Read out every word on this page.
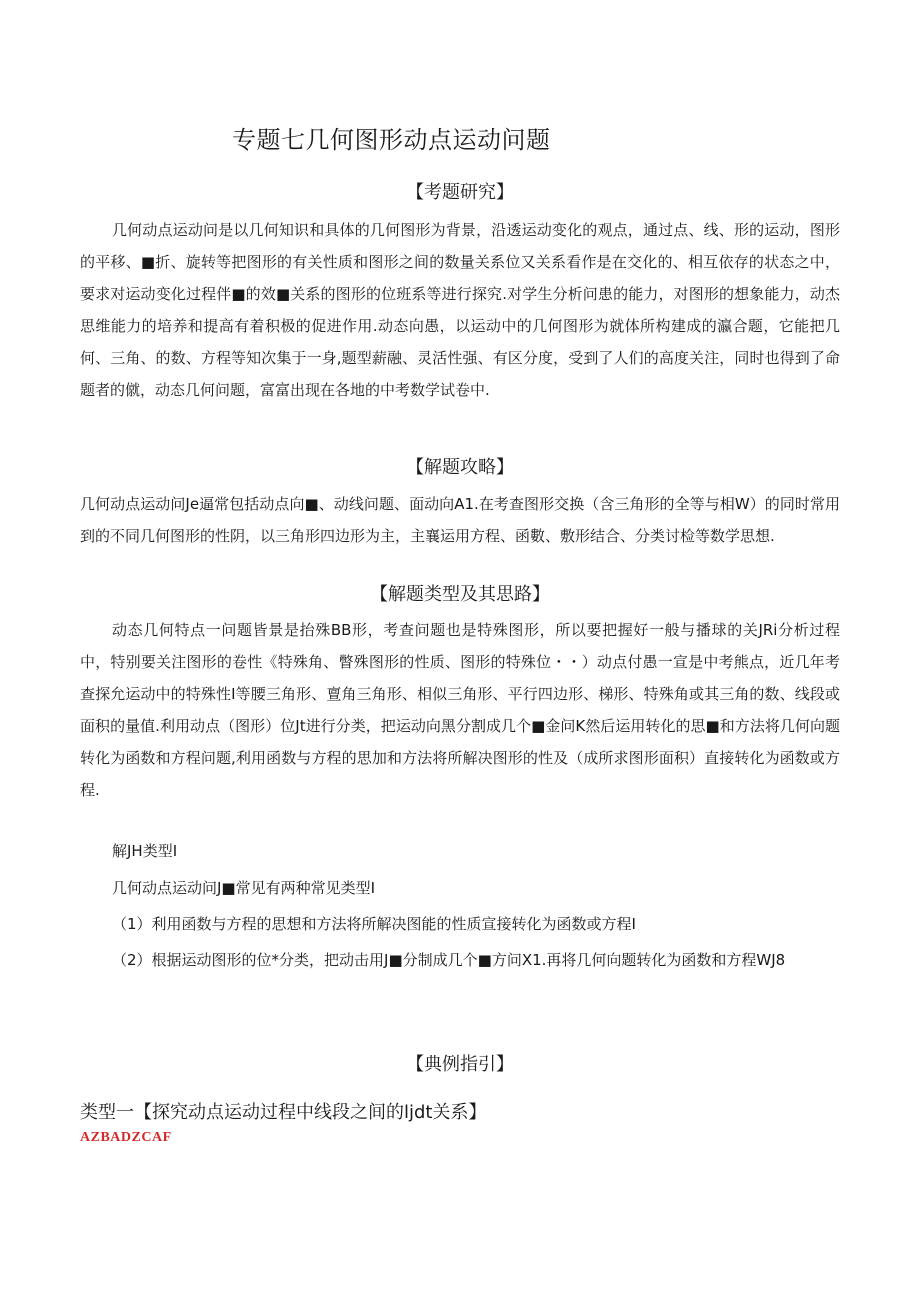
专题七几何图形动点运动问题
【考题研究】
几何动点运动问是以几何知识和具体的几何图形为背景，沿透运动变化的观点，通过点、线、形的运动，图形的平移、■折、旋转等把图形的有关性质和图形之间的数量关系位又关系看作是在交化的、相互依存的状态之中，要求对运动变化过程伴■的效■关系的图形的位班系等进行探究.对学生分析问患的能力，对图形的想象能力，动杰思维能力的培养和提高有着积极的促进作用.动态向愚，以运动中的几何图形为就体所构建成的瀛合题，它能把几何、三角、的数、方程等知次集于一身,题型薪融、灵活性强、有区分度，受到了人们的高度关注，同时也得到了命题者的僦，动态几何问题，富富出现在各地的中考数学试卷中.
【解题攻略】
几何动点运动问Je逼常包括动点向■、动线问题、面动向A1.在考查图形交换（含三角形的全等与相W）的同时常用到的不同几何图形的性阴，以三角形四边形为主，主襄运用方程、函數、敷形结合、分类讨检等数学思想.
【解题类型及其思路】
动态几何特点一问题皆景是抬殊BB形，考查问题也是特殊图形，所以要把握好一般与播球的关JRi分析过程中，特别要关注图形的卷性《特殊角、瞥殊图形的性质、图形的特殊位・・）动点付愚一宣是中考熊点，近几年考查探允运动中的特殊性I等腰三角形、亶角三角形、相似三角形、平行四边形、梯形、特殊角或其三角的数、线段或面积的量值.利用动点（图形）位Jt进行分类，把运动向黑分割成几个■金问K然后运用转化的思■和方法将几何向题转化为函数和方程问题,利用函数与方程的思加和方法将所解决图形的性及（成所求图形面积）直接转化为函数或方程.
解JH类型I
几何动点运动问J■常见有两种常见类型I
（1）利用函数与方程的思想和方法将所解决图能的性质宣接转化为函数或方程I
（2）根据运动图形的位*分类，把动击用J■分制成几个■方问X1.再将几何向题转化为函数和方程WJ8
【典例指引】
类型一【探究动点运动过程中线段之间的ljdt关系】
AZBADZCAF
